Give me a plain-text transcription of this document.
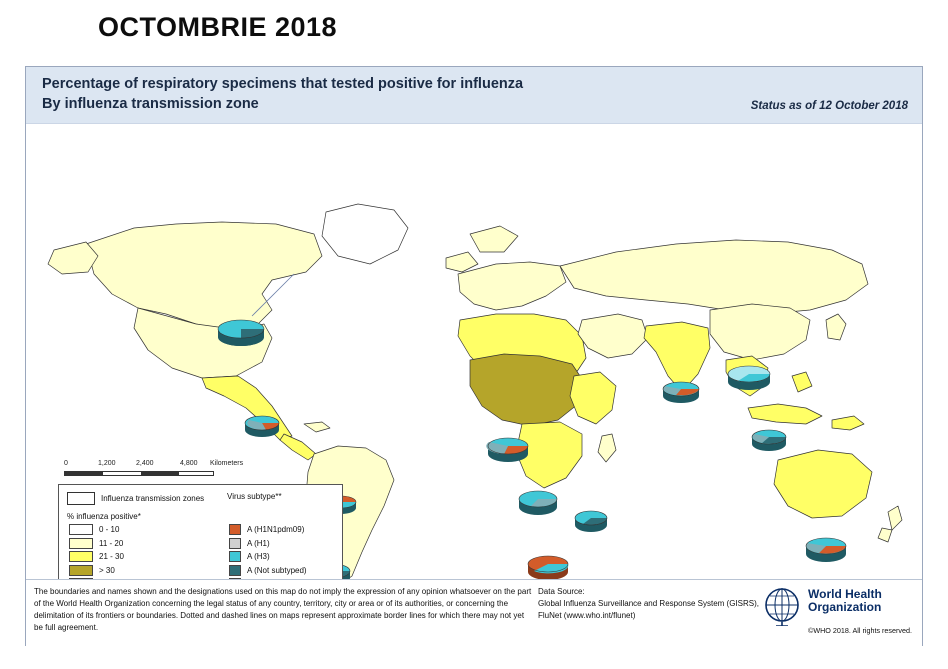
OCTOMBRIE 2018
Percentage of respiratory specimens that tested positive for influenza
By influenza transmission zone	Status as of 12 October 2018
0	1,200	2,400	4,800 Kilometers
Influenza transmission zones
% influenza positive*
0 - 10
11 - 20
21 - 30
> 30
Virus subtype**
A (H1N1pdm09)
A (H1)
A (H3)
A (Not subtyped)
The boundaries and names shown and the designations used on this map do not imply the expression of any opinion whatsoever on the part of the World Health Organization concerning the legal status of any country, territory, city or area or of its authorities, or concerning the delimitation of its frontiers or boundaries. Dotted and dashed lines on maps represent approximate border lines for which there may not yet be full agreement.
Data Source:
Global Influenza Surveillance and Response System (GISRS),
FluNet (www.who.int/flunet)
World Health
Organization
©WHO 2018. All rights reserved.
